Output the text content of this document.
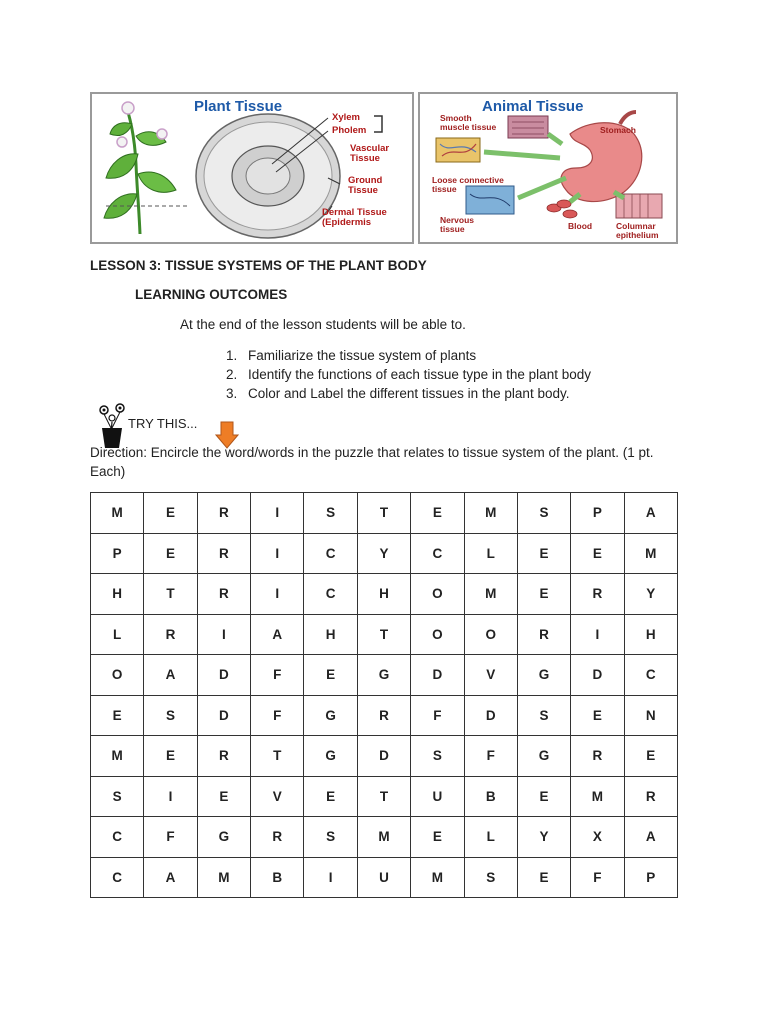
Plant Tissue
Xylem
Pholem
Vascular
Tissue
Ground
Tissue
Dermal Tissue
(Epidermis
Animal Tissue
Smooth
muscle tissue	Stomach
Loose connective
tissue
Nervous
tissue	Blood	Columnar
epithelium
LESSON 3: TISSUE SYSTEMS OF THE PLANT BODY
LEARNING OUTCOMES
At the end of the lesson students will be able to.
1. Familiarize the tissue system of plants
2. Identify the functions of each tissue type in the plant body
3. Color and Label the different tissues in the plant body.
TRY THIS...
Direction: Encircle the word/words in the puzzle that relates to tissue system of the plant. (1 pt. Each)
M	E	R	I	S	T	E	M	S	P	A
P	E	R	I	C	Y	C	L	E	E	M
H	T	R	I	C	H	O	M	E	R	Y
L	R	I	A	H	T	O	O	R	I	H
O	A	D	F	E	G	D	V	G	D	C
E	S	D	F	G	R	F	D	S	E	N
M	E	R	T	G	D	S	F	G	R	E
S	I	E	V	E	T	U	B	E	M	R
C	F	G	R	S	M	E	L	Y	X	A
C	A	M	B	I	U	M	S	E	F	P
